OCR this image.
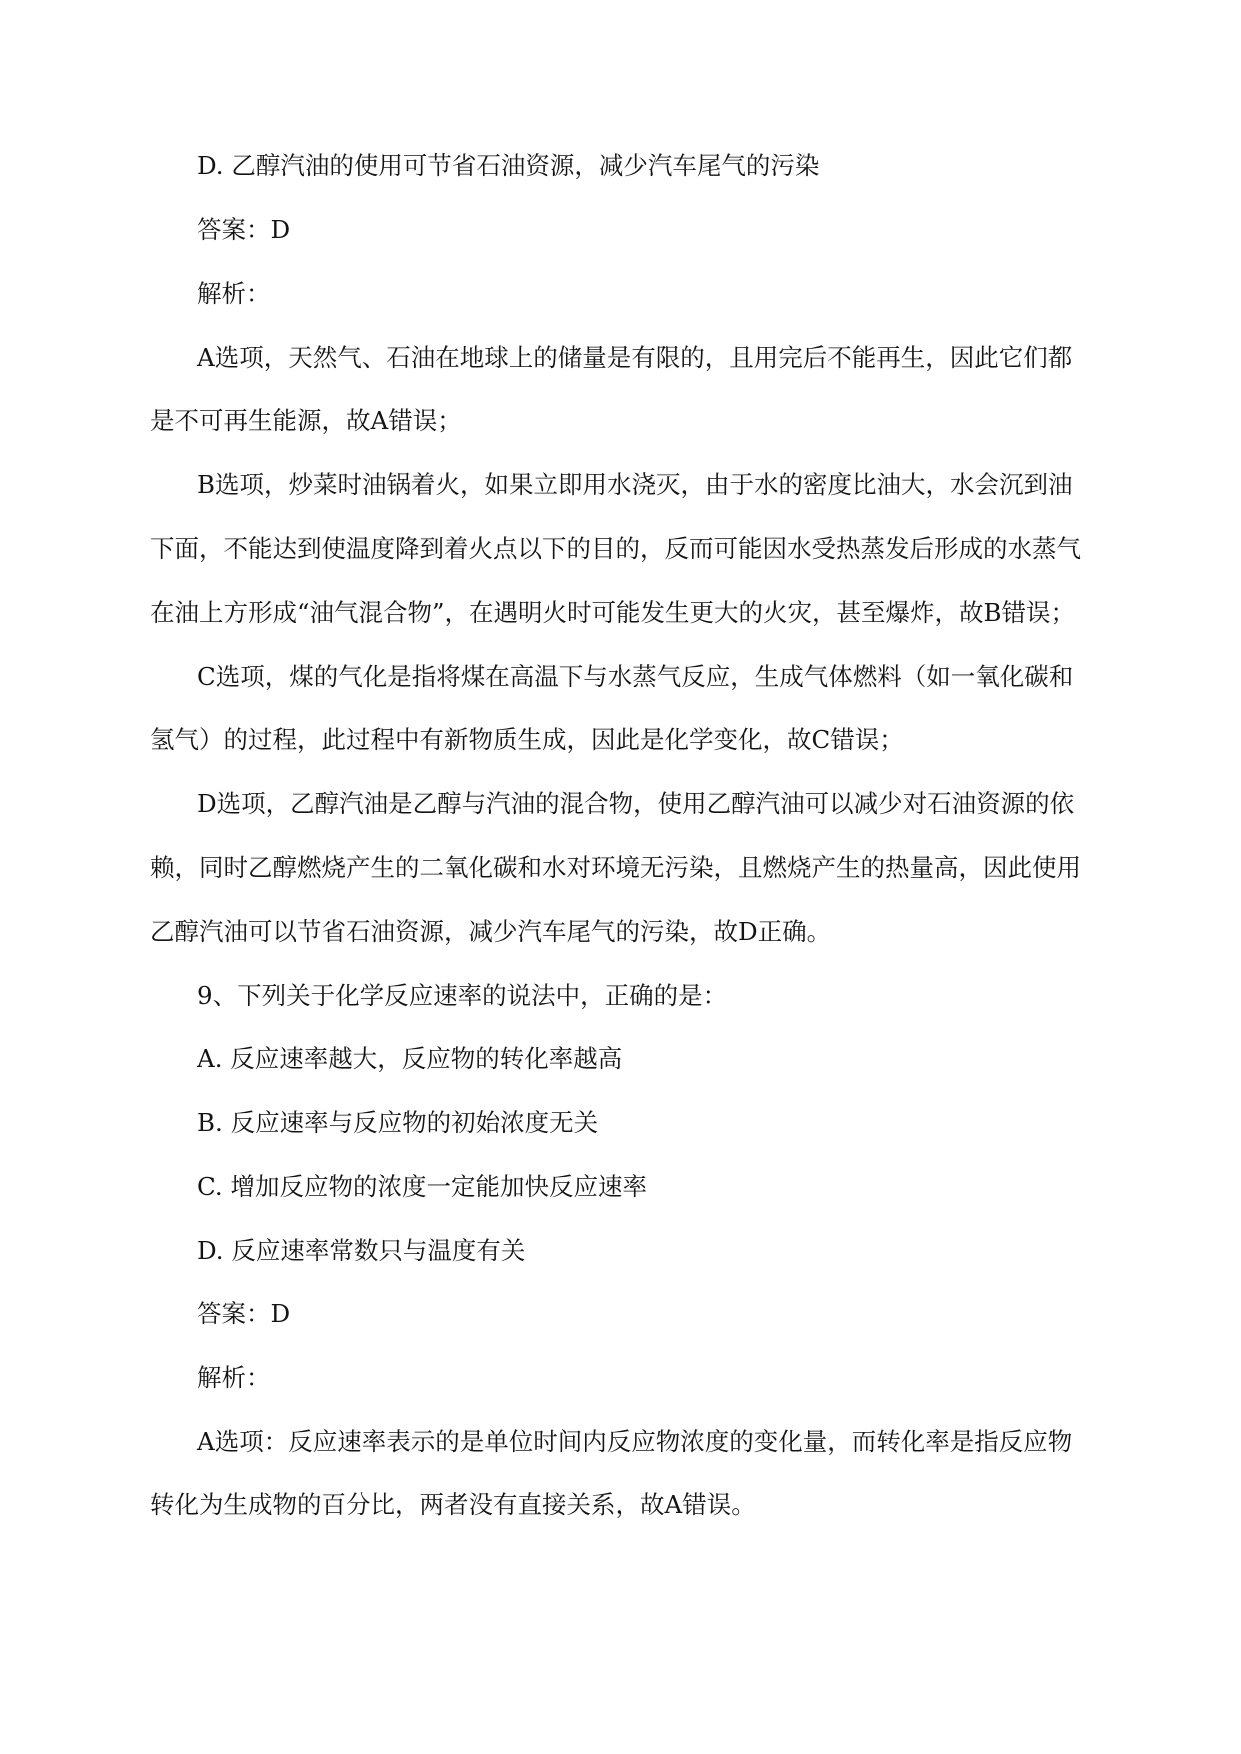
D. 乙醇汽油的使用可节省石油资源，减少汽车尾气的污染
答案：D
解析：
A选项，天然气、石油在地球上的储量是有限的，且用完后不能再生，因此它们都
是不可再生能源，故A错误；
B选项，炒菜时油锅着火，如果立即用水浇灭，由于水的密度比油大，水会沉到油
下面，不能达到使温度降到着火点以下的目的，反而可能因水受热蒸发后形成的水蒸气
在油上方形成“油气混合物”，在遇明火时可能发生更大的火灾，甚至爆炸，故B错误；
C选项，煤的气化是指将煤在高温下与水蒸气反应，生成气体燃料（如一氧化碳和
氢气）的过程，此过程中有新物质生成，因此是化学变化，故C错误；
D选项，乙醇汽油是乙醇与汽油的混合物，使用乙醇汽油可以减少对石油资源的依
赖，同时乙醇燃烧产生的二氧化碳和水对环境无污染，且燃烧产生的热量高，因此使用
乙醇汽油可以节省石油资源，减少汽车尾气的污染，故D正确。
9、下列关于化学反应速率的说法中，正确的是：
A. 反应速率越大，反应物的转化率越高
B. 反应速率与反应物的初始浓度无关
C. 增加反应物的浓度一定能加快反应速率
D. 反应速率常数只与温度有关
答案：D
解析：
A选项：反应速率表示的是单位时间内反应物浓度的变化量，而转化率是指反应物
转化为生成物的百分比，两者没有直接关系，故A错误。
